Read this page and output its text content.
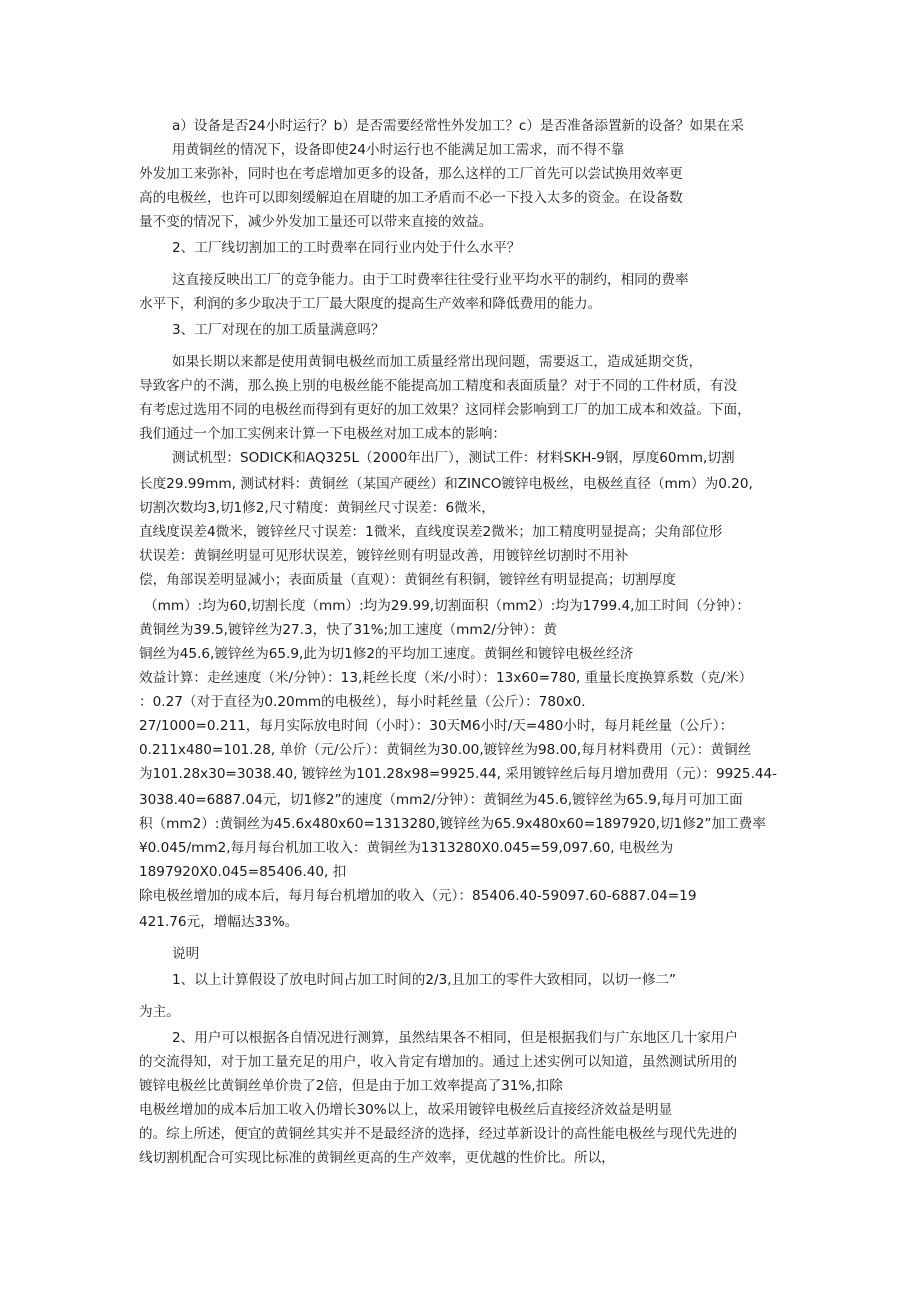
a）设备是否24小时运行？b）是否需要经常性外发加工？c）是否准备添置新的设备？如果在采

用黄铜丝的情况下，设备即使24小时运行也不能满足加工需求，而不得不靠

外发加工来弥补，同时也在考虑增加更多的设备，那么这样的工厂首先可以尝试换用效率更

高的电极丝，也许可以即刻缓解迫在眉睫的加工矛盾而不必一下投入太多的资金。在设备数

量不变的情况下，减少外发加工量还可以带来直接的效益。

2、工厂线切割加工的工时费率在同行业内处于什么水平？

这直接反映出工厂的竞争能力。由于工时费率往往受行业平均水平的制约，相同的费率

水平下，利润的多少取决于工厂最大限度的提高生产效率和降低费用的能力。

3、工厂对现在的加工质量满意吗？

如果长期以来都是使用黄铜电极丝而加工质量经常出现问题，需要返工，造成延期交货，

导致客户的不满，那么换上别的电极丝能不能提高加工精度和表面质量？对于不同的工件材质，有没

有考虑过选用不同的电极丝而得到有更好的加工效果？这同样会影响到工厂的加工成本和效益。下面，

我们通过一个加工实例来计算一下电极丝对加工成本的影响：

测试机型：SODICK和AQ325L（2000年出厂），测试工件：材料SKH-9钢，厚度60mm,切割

长度29.99mm, 测试材料：黄铜丝（某国产硬丝）和ZINCO镀锌电极丝，电极丝直径（mm）为0.20,

切割次数均3,切1修2,尺寸精度：黄铜丝尺寸误差：6微米，

直线度误差4微米，镀锌丝尺寸误差：1微米，直线度误差2微米；加工精度明显提高；尖角部位形

状误差：黄铜丝明显可见形状误差，镀锌丝则有明显改善，用镀锌丝切割时不用补

偿，角部误差明显减小；表面质量（直观）：黄铜丝有积铜，镀锌丝有明显提高；切割厚度

（mm）:均为60,切割长度（mm）:均为29.99,切割面积（mm2）:均为1799.4,加工时间（分钟）：

黄铜丝为39.5,镀锌丝为27.3，快了31%;加工速度（mm2/分钟）：黄

铜丝为45.6,镀锌丝为65.9,此为切1修2的平均加工速度。黄铜丝和镀锌电极丝经济

效益计算：走丝速度（米/分钟）：13,耗丝长度（米/小时）：13x60=780, 重量长度换算系数（克/米）

：0.27（对于直径为0.20mm的电极丝），每小时耗丝量（公斤）：780x0.

27/1000=0.211，每月实际放电时间（小时）：30天M6小时/天=480小时，每月耗丝量（公斤）：

0.211x480=101.28, 单价（元/公斤）：黄铜丝为30.00,镀锌丝为98.00,每月材料费用（元）：黄铜丝

为101.28x30=3038.40, 镀锌丝为101.28x98=9925.44, 采用镀锌丝后每月增加费用（元）：9925.44-

3038.40=6887.04元，切1修2”的速度（mm2/分钟）：黄铜丝为45.6,镀锌丝为65.9,每月可加工面

积（mm2）:黄铜丝为45.6x480x60=1313280,镀锌丝为65.9x480x60=1897920,切1修2”加工费率

¥0.045/mm2,每月每台机加工收入：黄铜丝为1313280X0.045=59,097.60, 电极丝为

1897920X0.045=85406.40, 扣

除电极丝增加的成本后，每月每台机增加的收入（元）：85406.40-59097.60-6887.04=19

421.76元，增幅达33%。

说明

1、以上计算假设了放电时间占加工时间的2/3,且加工的零件大致相同，以切一修二”

为主。

2、用户可以根据各自情况进行测算，虽然结果各不相同，但是根据我们与广东地区几十家用户

的交流得知，对于加工量充足的用户，收入肯定有增加的。通过上述实例可以知道，虽然测试所用的

镀锌电极丝比黄铜丝单价贵了2倍，但是由于加工效率提高了31%,扣除

电极丝增加的成本后加工收入仍增长30%以上，故采用镀锌电极丝后直接经济效益是明显

的。综上所述，便宜的黄铜丝其实并不是最经济的选择，经过革新设计的高性能电极丝与现代先进的

线切割机配合可实现比标准的黄铜丝更高的生产效率，更优越的性价比。所以，
